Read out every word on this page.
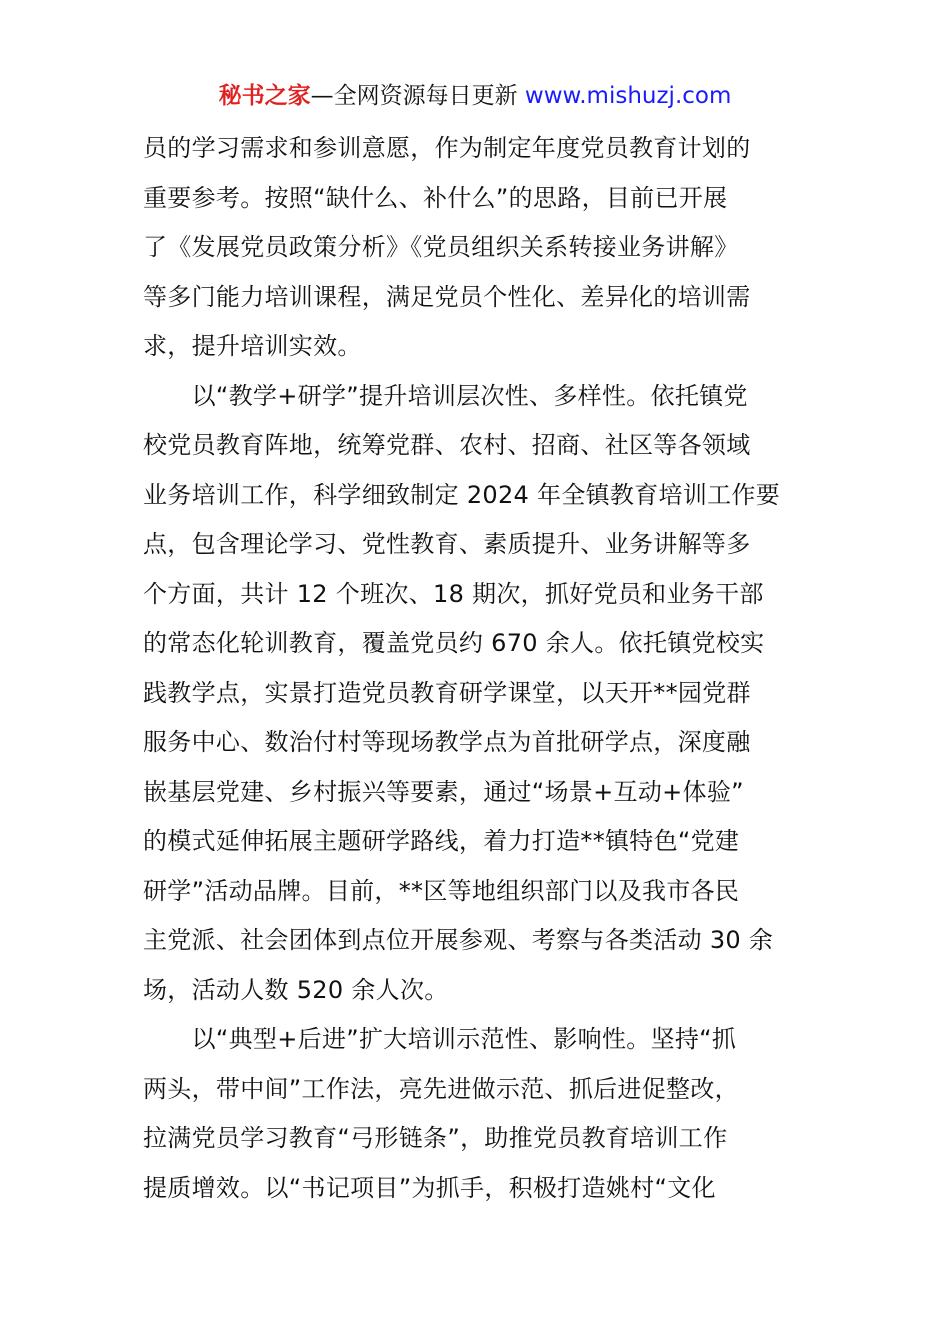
秘书之家—全网资源每日更新 www.mishuzj.com
员的学习需求和参训意愿，作为制定年度党员教育计划的
重要参考。按照“缺什么、补什么”的思路，目前已开展
了《发展党员政策分析》《党员组织关系转接业务讲解》
等多门能力培训课程，满足党员个性化、差异化的培训需
求，提升培训实效。
　　以“教学+研学”提升培训层次性、多样性。依托镇党
校党员教育阵地，统筹党群、农村、招商、社区等各领域
业务培训工作，科学细致制定 2024 年全镇教育培训工作要
点，包含理论学习、党性教育、素质提升、业务讲解等多
个方面，共计 12 个班次、18 期次，抓好党员和业务干部
的常态化轮训教育，覆盖党员约 670 余人。依托镇党校实
践教学点，实景打造党员教育研学课堂，以天开**园党群
服务中心、数治付村等现场教学点为首批研学点，深度融
嵌基层党建、乡村振兴等要素，通过“场景+互动+体验”
的模式延伸拓展主题研学路线，着力打造**镇特色“党建
研学”活动品牌。目前，**区等地组织部门以及我市各民
主党派、社会团体到点位开展参观、考察与各类活动 30 余
场，活动人数 520 余人次。
　　以“典型+后进”扩大培训示范性、影响性。坚持“抓
两头，带中间”工作法，亮先进做示范、抓后进促整改，
拉满党员学习教育“弓形链条”，助推党员教育培训工作
提质增效。以“书记项目”为抓手，积极打造姚村“文化
